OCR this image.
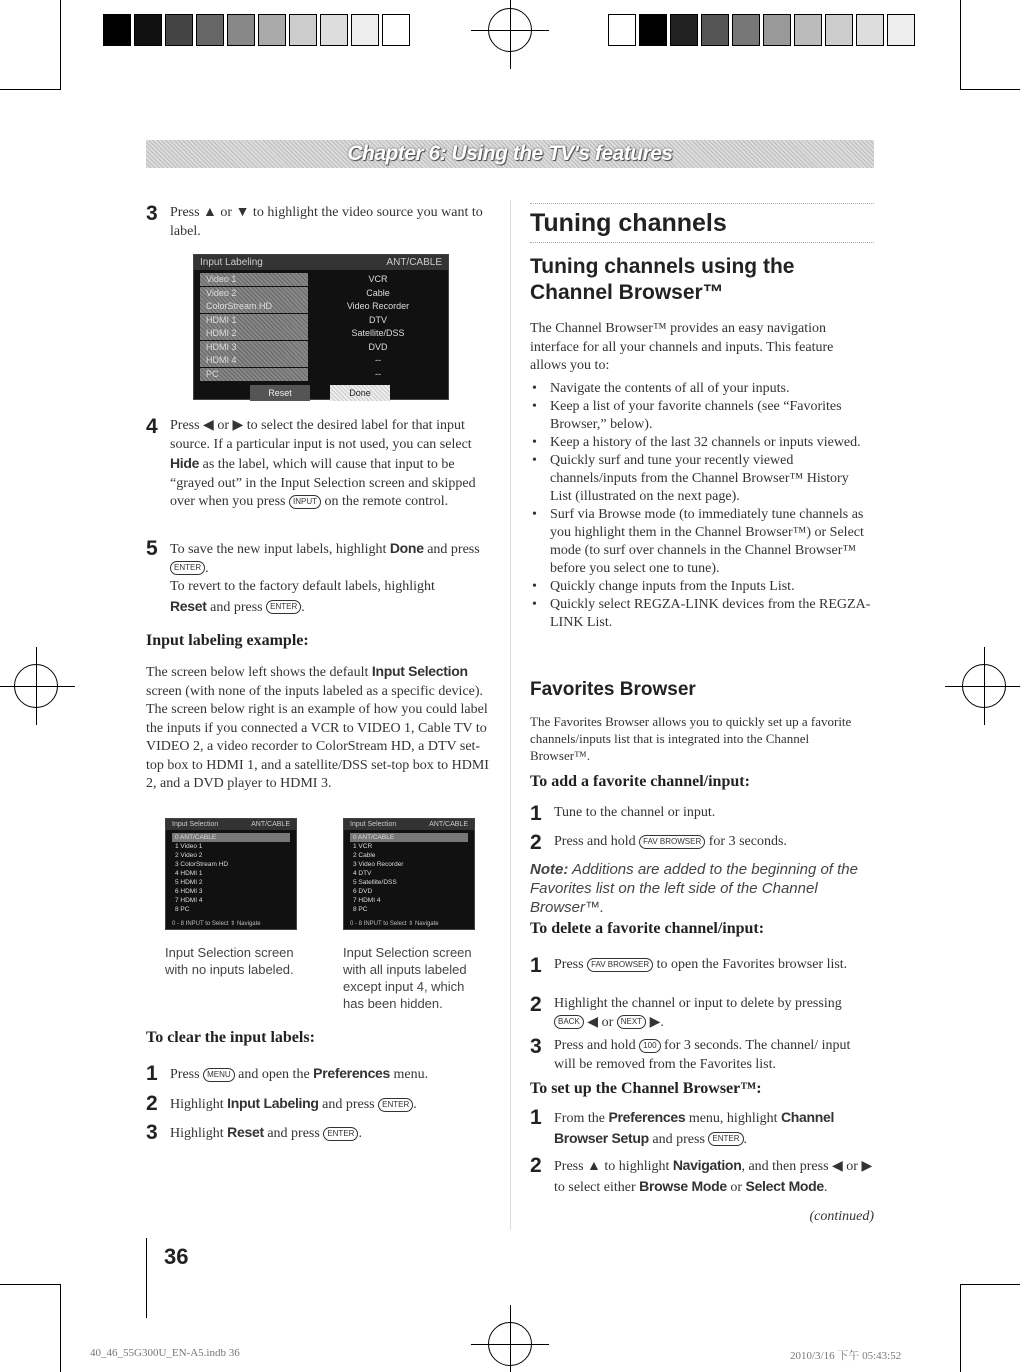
Chapter 6: Using the TV's features
3 Press ▲ or ▼ to highlight the video source you want to label.

Input Labeling	ANT/CABLE
Video 1	VCR
Video 2	Cable
ColorStream HD	Video Recorder
HDMI 1	DTV
HDMI 2	Satellite/DSS
HDMI 3	DVD
HDMI 4	--
PC	--
Reset	Done
4 Press ◀ or ▶ to select the desired label for that input source. If a particular input is not used, you can select Hide as the label, which will cause that input to be “grayed out” in the Input Selection screen and skipped over when you press INPUT on the remote control.

5 To save the new input labels, highlight Done and press ENTER .
To revert to the factory default labels, highlight
Reset and press ENTER .

Input labeling example:

The screen below left shows the default Input Selection screen (with none of the inputs labeled as a specific device). The screen below right is an example of how you could label the inputs if you connected a VCR to VIDEO 1, Cable TV to VIDEO 2, a video recorder to ColorStream HD, a DTV set-top box to HDMI 1, and a satellite/DSS set-top box to HDMI 2, and a DVD player to HDMI 3.

Input Selection	ANT/CABLE
0 ANT/CABLE
1 Video 1
2 Video 2
3 ColorStream HD
4 HDMI 1
5 HDMI 2
6 HDMI 3
7 HDMI 4
8 PC
0 - 8 INPUT to Select ⇕ Navigate
Input Selection	ANT/CABLE
0 ANT/CABLE
1 VCR
2 Cable
3 Video Recorder
4 DTV
5 Satellite/DSS
6 DVD
7 HDMI 4
8 PC
0 - 8 INPUT to Select ⇕ Navigate
Input Selection screen
with no inputs labeled.
Input Selection screen
with all inputs labeled
except input 4, which
has been hidden.
To clear the input labels:
1 Press MENU and open the Preferences menu.

2 Highlight Input Labeling and press ENTER .

3 Highlight Reset and press ENTER .

36
Tuning channels
Tuning channels using the
Channel Browser™

The Channel Browser™ provides an easy navigation interface for all your channels and inputs. This feature allows you to:

• Navigate the contents of all of your inputs.
• Keep a list of your favorite channels (see “Favorites Browser,” below).
• Keep a history of the last 32 channels or inputs viewed.
• Quickly surf and tune your recently viewed channels/inputs from the Channel Browser™ History List (illustrated on the next page).
• Surf via Browse mode (to immediately tune channels as you highlight them in the Channel Browser™) or Select mode (to surf over channels in the Channel Browser™ before you select one to tune).
• Quickly change inputs from the Inputs List.
• Quickly select REGZA-LINK devices from the REGZA-LINK List.
Favorites Browser

The Favorites Browser allows you to quickly set up a favorite channels/inputs list that is integrated into the Channel Browser™.

To add a favorite channel/input:
1 Tune to the channel or input.

2 Press and hold FAV BROWSER for 3 seconds.

Note: Additions are added to the beginning of the Favorites list on the left side of the Channel Browser™.

To delete a favorite channel/input:
1 Press FAV BROWSER to open the Favorites browser list.

2 Highlight the channel or input to delete by pressing BACK ◀ or NEXT ▶.

3 Press and hold 100 for 3 seconds. The channel/ input will be removed from the Favorites list.

To set up the Channel Browser™:
1 From the Preferences menu, highlight Channel Browser Setup and press ENTER .

2 Press ▲ to highlight Navigation, and then press ◀ or ▶ to select either Browse Mode or Select Mode.

(continued)
40_46_55G300U_EN-A5.indb 36	2010/3/16 下午 05:43:52
